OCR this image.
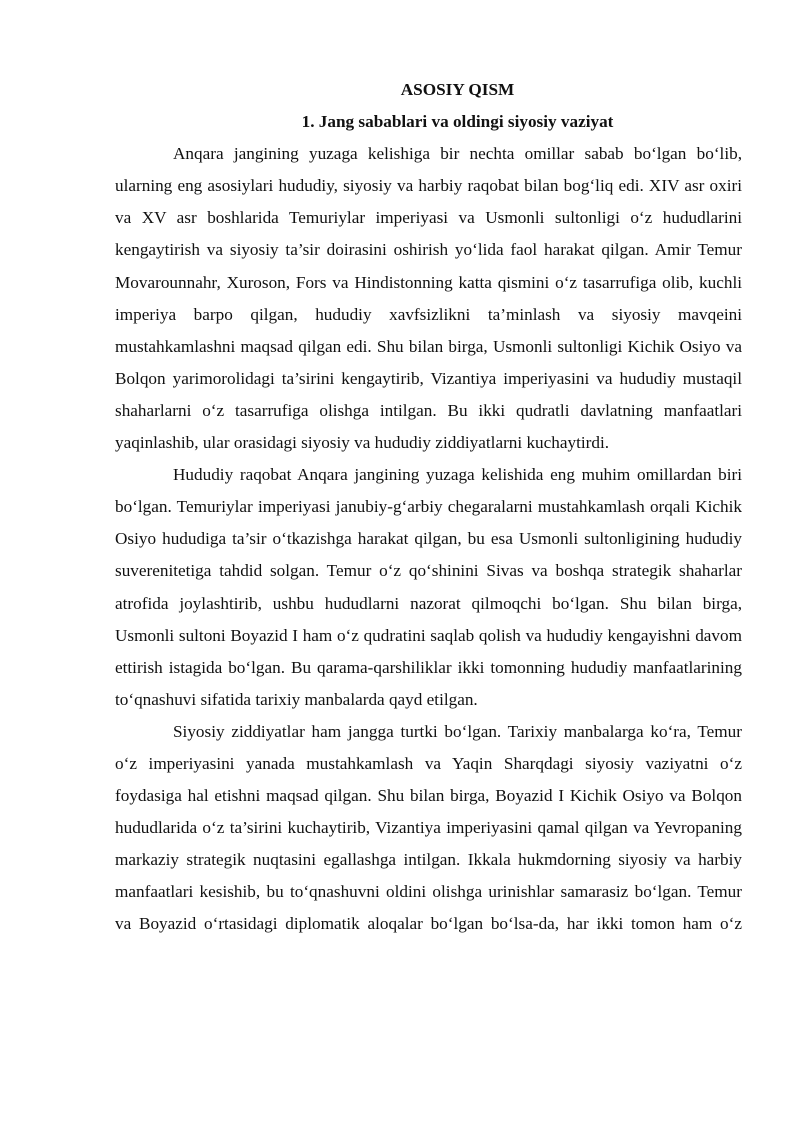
ASOSIY QISM

1. Jang sabablari va oldingi siyosiy vaziyat

Anqara jangining yuzaga kelishiga bir nechta omillar sabab bo‘lgan bo‘lib, ularning eng asosiylari hududiy, siyosiy va harbiy raqobat bilan bog‘liq edi. XIV asr oxiri va XV asr boshlarida Temuriylar imperiyasi va Usmonli sultonligi o‘z hududlarini kengaytirish va siyosiy ta’sir doirasini oshirish yo‘lida faol harakat qilgan. Amir Temur Movarounnahr, Xuroson, Fors va Hindistonning katta qismini o‘z tasarrufiga olib, kuchli imperiya barpo qilgan, hududiy xavfsizlikni ta’minlash va siyosiy mavqeini mustahkamlashni maqsad qilgan edi. Shu bilan birga, Usmonli sultonligi Kichik Osiyo va Bolqon yarimorolidagi ta’sirini kengaytirib, Vizantiya imperiyasini va hududiy mustaqil shaharlarni o‘z tasarrufiga olishga intilgan. Bu ikki qudratli davlatning manfaatlari yaqinlashib, ular orasidagi siyosiy va hududiy ziddiyatlarni kuchaytirdi.

Hududiy raqobat Anqara jangining yuzaga kelishida eng muhim omillardan biri bo‘lgan. Temuriylar imperiyasi janubiy-g‘arbiy chegaralarni mustahkamlash orqali Kichik Osiyo hududiga ta’sir o‘tkazishga harakat qilgan, bu esa Usmonli sultonligining hududiy suverenitetiga tahdid solgan. Temur o‘z qo‘shinini Sivas va boshqa strategik shaharlar atrofida joylashtirib, ushbu hududlarni nazorat qilmoqchi bo‘lgan. Shu bilan birga, Usmonli sultoni Boyazid I ham o‘z qudratini saqlab qolish va hududiy kengayishni davom ettirish istagida bo‘lgan. Bu qarama-qarshiliklar ikki tomonning hududiy manfaatlarining to‘qnashuvi sifatida tarixiy manbalarda qayd etilgan.

Siyosiy ziddiyatlar ham jangga turtki bo‘lgan. Tarixiy manbalarga ko‘ra, Temur o‘z imperiyasini yanada mustahkamlash va Yaqin Sharqdagi siyosiy vaziyatni o‘z foydasiga hal etishni maqsad qilgan. Shu bilan birga, Boyazid I Kichik Osiyo va Bolqon hududlarida o‘z ta’sirini kuchaytirib, Vizantiya imperiyasini qamal qilgan va Yevropaning markaziy strategik nuqtasini egallashga intilgan. Ikkala hukmdorning siyosiy va harbiy manfaatlari kesishib, bu to‘qnashuvni oldini olishga urinishlar samarasiz bo‘lgan. Temur va Boyazid o‘rtasidagi diplomatik aloqalar bo‘lgan bo‘lsa-da, har ikki tomon ham o‘z
